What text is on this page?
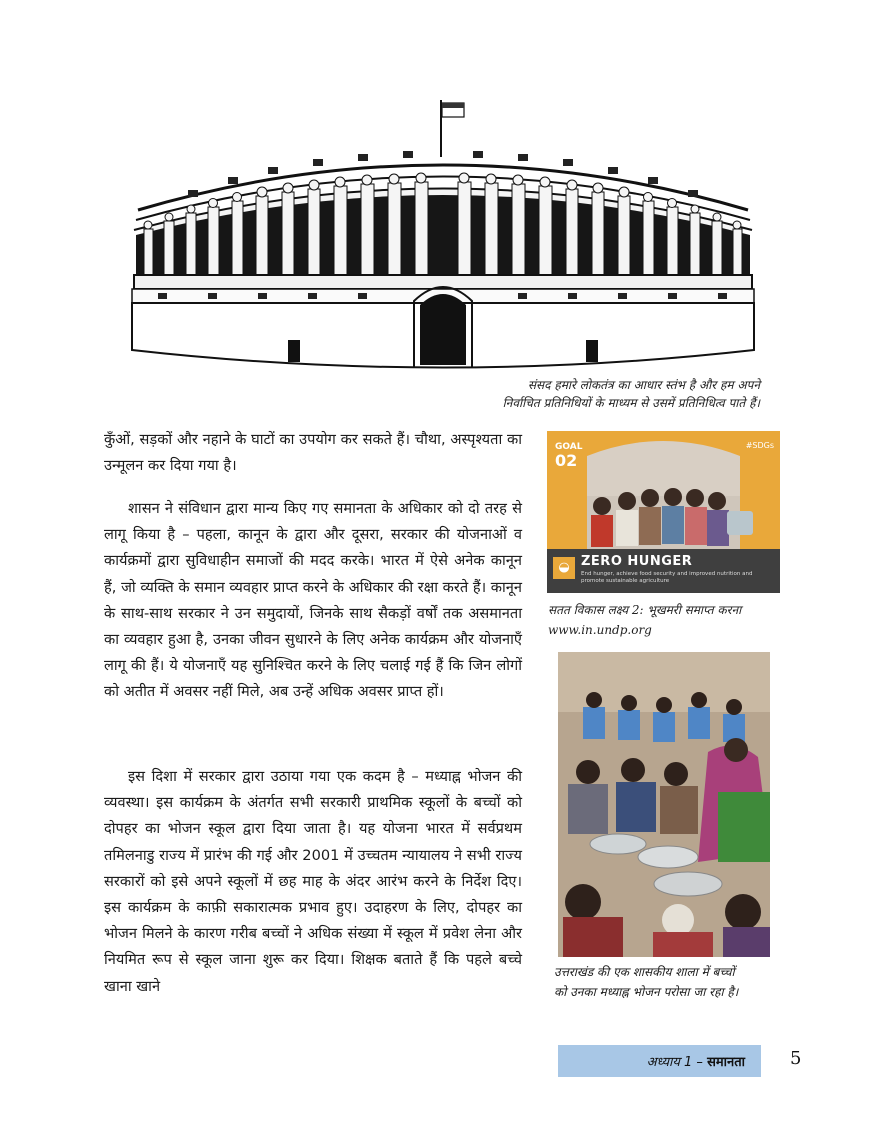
संसद हमारे लोकतंत्र का आधार स्तंभ है और हम अपने
निर्वाचित प्रतिनिधियों के माध्यम से उसमें प्रतिनिधित्व पाते हैं।

कुँओं, सड़कों और नहाने के घाटों का उपयोग कर सकते हैं। चौथा, अस्पृश्यता का उन्मूलन कर दिया गया है।

शासन ने संविधान द्वारा मान्य किए गए समानता के अधिकार को दो तरह से लागू किया है – पहला, कानून के द्वारा और दूसरा, सरकार की योजनाओं व कार्यक्रमों द्वारा सुविधाहीन समाजों की मदद करके। भारत में ऐसे अनेक कानून हैं, जो व्यक्ति के समान व्यवहार प्राप्त करने के अधिकार की रक्षा करते हैं। कानून के साथ-साथ सरकार ने उन समुदायों, जिनके साथ सैकड़ों वर्षों तक असमानता का व्यवहार हुआ है, उनका जीवन सुधारने के लिए अनेक कार्यक्रम और योजनाएँ लागू की हैं। ये योजनाएँ यह सुनिश्चित करने के लिए चलाई गई हैं कि जिन लोगों को अतीत में अवसर नहीं मिले, अब उन्हें अधिक अवसर प्राप्त हों।

इस दिशा में सरकार द्वारा उठाया गया एक कदम है – मध्याह्न भोजन की व्यवस्था। इस कार्यक्रम के अंतर्गत सभी सरकारी प्राथमिक स्कूलों के बच्चों को दोपहर का भोजन स्कूल द्वारा दिया जाता है। यह योजना भारत में सर्वप्रथम तमिलनाडु राज्य में प्रारंभ की गई और 2001 में उच्चतम न्यायालय ने सभी राज्य सरकारों को इसे अपने स्कूलों में छह माह के अंदर आरंभ करने के निर्देश दिए। इस कार्यक्रम के काफ़ी सकारात्मक प्रभाव हुए। उदाहरण के लिए, दोपहर का भोजन मिलने के कारण गरीब बच्चों ने अधिक संख्या में स्कूल में प्रवेश लेना और नियमित रूप से स्कूल जाना शुरू कर दिया। शिक्षक बताते हैं कि पहले बच्चे खाना खाने

GOAL
02
#SDGs
◒ ZERO HUNGER
End hunger, achieve food security and improved nutrition and promote sustainable agriculture
सतत विकास लक्ष्य 2: भूखमरी समाप्त करना
www.in.undp.org
उत्तराखंड की एक शासकीय शाला में बच्चों
को उनका मध्याह्न भोजन परोसा जा रहा है।
अध्याय 1 – समानता	5
